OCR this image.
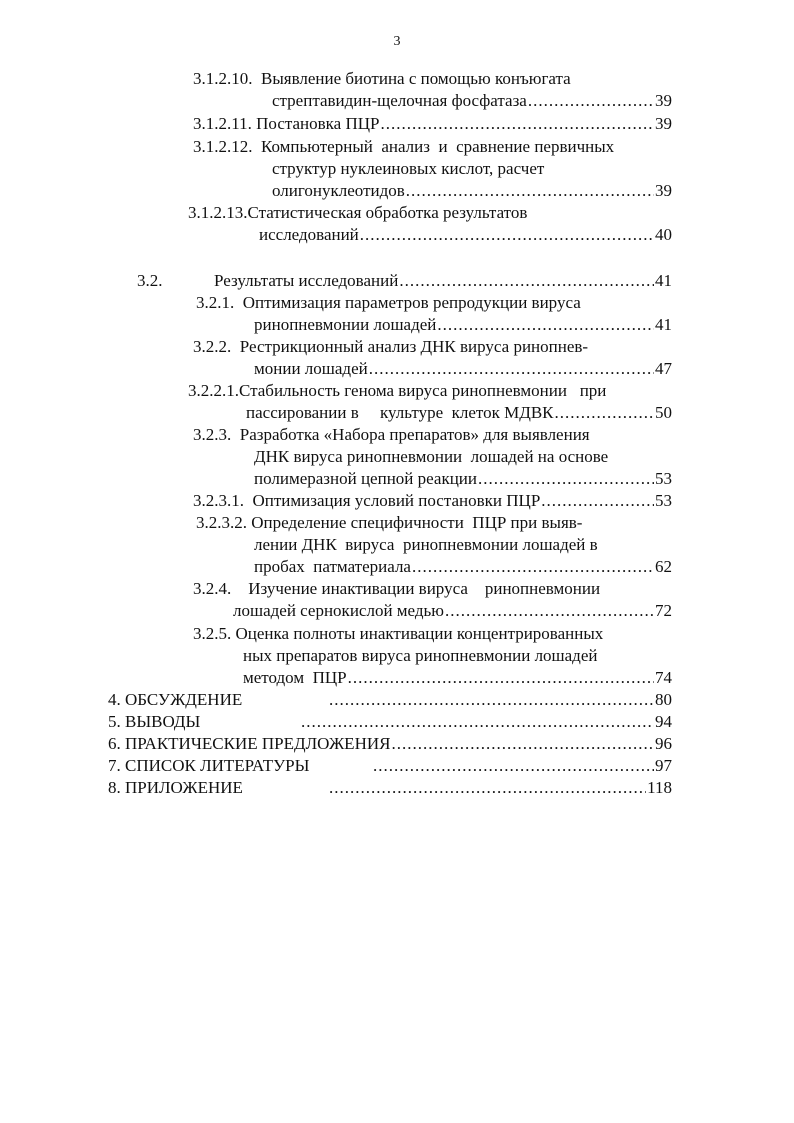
3
3.1.2.10.  Выявление биотина с помощью конъюгата
стрептавидин-щелочная фосфатаза .....	39
3.1.2.11. Постановка ПЦР .....	39
3.1.2.12.  Компьютерный  анализ  и  сравнение первичных
структур нуклеиновых кислот, расчет
олигонуклеотидов .....	39
3.1.2.13.Статистическая обработка результатов
исследований .....	40
3.2.	Результаты исследований .....	41
3.2.1.  Оптимизация параметров репродукции вируса
ринопневмонии лошадей .....	41
3.2.2.  Рестрикционный анализ ДНК вируса ринопнев-
монии лошадей .....	47
3.2.2.1.Стабильность генома вируса ринопневмонии   при
пассировании в     культуре  клеток МДВК .....	50
3.2.3.  Разработка «Набора препаратов» для выявления
ДНК вируса ринопневмонии  лошадей на основе
полимеразной цепной реакции .....	53
3.2.3.1.  Оптимизация условий постановки ПЦР .....	53
3.2.3.2. Определение специфичности  ПЦР при выяв-
лении ДНК  вируса  ринопневмонии лошадей в
пробах  патматериала .....	62
3.2.4.    Изучение инактивации вируса    ринопневмонии
лошадей сернокислой медью .....	72
3.2.5. Оценка полноты инактивации концентрированных
ных препаратов вируса ринопневмонии лошадей
методом  ПЦР .....	74
4. ОБСУЖДЕНИЕ .....	80
5. ВЫВОДЫ .....	94
6. ПРАКТИЧЕСКИЕ ПРЕДЛОЖЕНИЯ .....	96
7. СПИСОК ЛИТЕРАТУРЫ .....	97
8. ПРИЛОЖЕНИЕ .....	118
